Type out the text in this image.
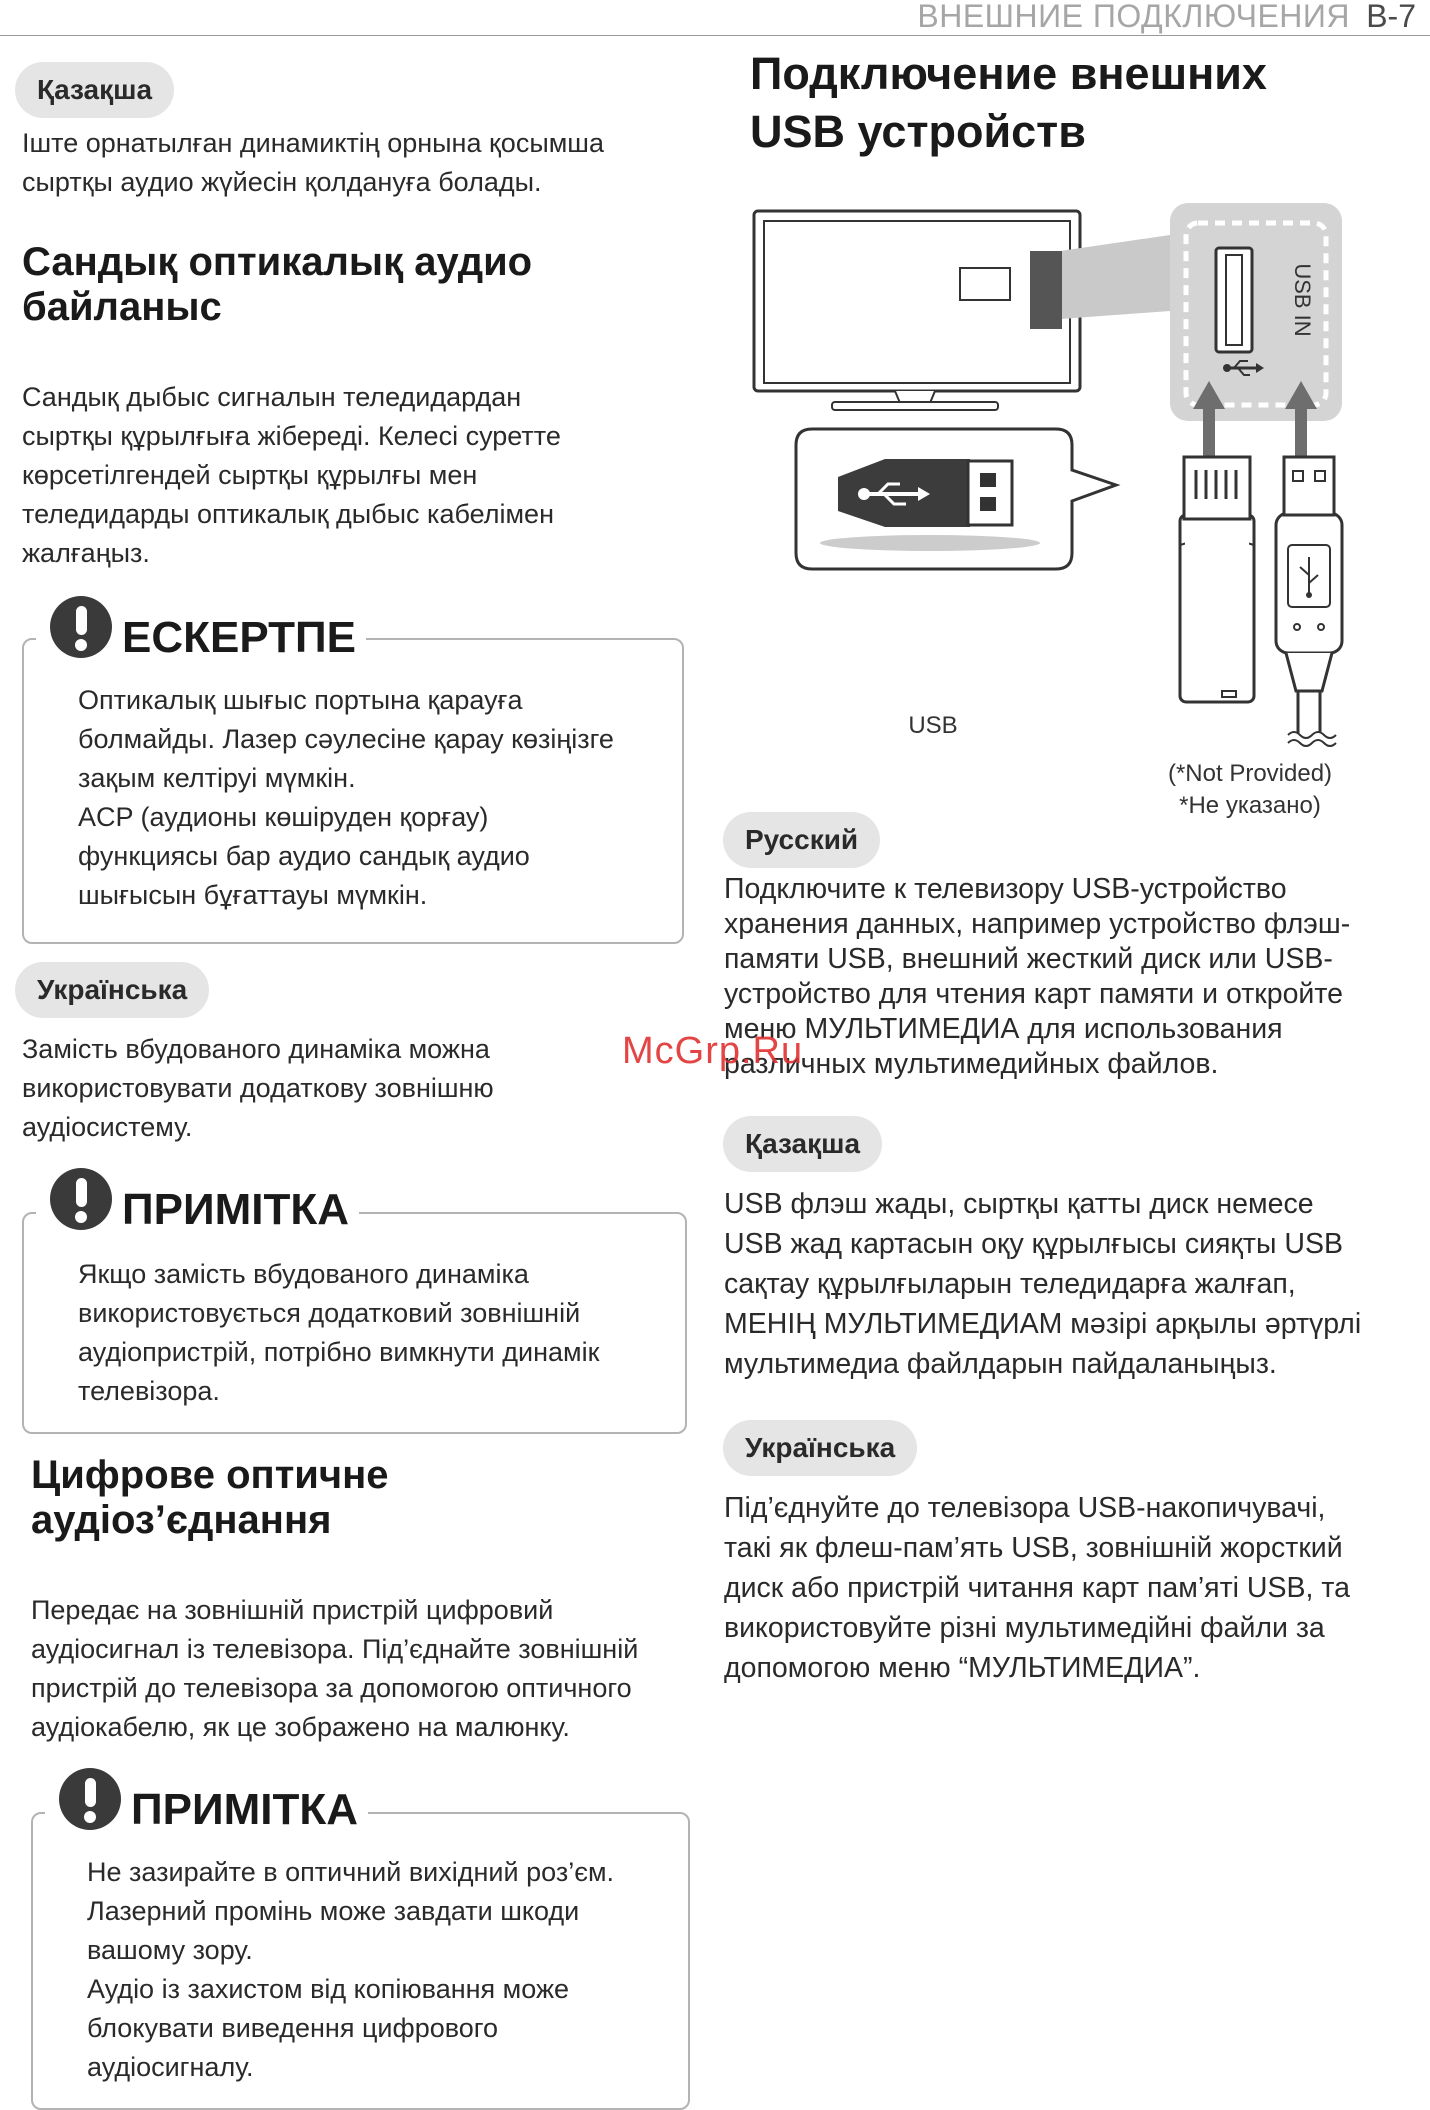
ВНЕШНИЕ ПОДКЛЮЧЕНИЯ B-7
Қазақша

Іште орнатылған динамиктің орнына қосымша

сыртқы аудио жүйесін қолдануға болады.

Сандық оптикалық аудио
байланыс

Сандық дыбыс сигналын теледидардан

сыртқы құрылғыға жібереді. Келесі суретте

көрсетілгендей сыртқы құрылғы мен

теледидарды оптикалық дыбыс кабелімен

жалғаңыз.

ЕСКЕРТПЕ

Оптикалық шығыс портына қарауға

болмайды. Лазер сәулесіне қарау көзіңізге

зақым келтіруі мүмкін.

ACP (аудионы көшіруден қорғау)

функциясы бар аудио сандық аудио

шығысын бұғаттауы мүмкін.

Українська

Замість вбудованого динаміка можна

використовувати додаткову зовнішню

аудіосистему.

ПРИМІТКА

Якщо замість вбудованого динаміка

використовується додатковий зовнішній

аудіопристрій, потрібно вимкнути динамік

телевізора.

Цифрове оптичне
аудіоз’єднання

Передає на зовнішній пристрій цифровий

аудіосигнал із телевізора. Під’єднайте зовнішній

пристрій до телевізора за допомогою оптичного

аудіокабелю, як це зображено на малюнку.

ПРИМІТКА

Не зазирайте в оптичний вихідний роз’єм.

Лазерний промінь може завдати шкоди

вашому зору.

Аудіо із захистом від копіювання може

блокувати виведення цифрового

аудіосигналу.

Подключение внешних
USB устройств
USB IN
USB
(*Not Provided)
*Не указано)
Русский

Подключите к телевизору USB-устройство

хранения данных, например устройство флэш-

памяти USB, внешний жесткий диск или USB-

устройство для чтения карт памяти и откройте

меню МУЛЬТИМЕДИА для использования

различных мультимедийных файлов.

Қазақша

USB флэш жады, сыртқы қатты диск немесе

USB жад картасын оқу құрылғысы сияқты USB

сақтау құрылғыларын теледидарға жалғап,

МЕНІҢ МУЛЬТИМЕДИАМ мәзірі арқылы әртүрлі

мультимедиа файлдарын пайдаланыңыз.

Українська

Під’єднуйте до телевізора USB-накопичувачі,

такі як флеш-пам’ять USB, зовнішній жорсткий

диск або пристрій читання карт пам’яті USB, та

використовуйте різні мультимедійні файли за

допомогою меню “МУЛЬТИМЕДИА”.

McGrp.Ru
